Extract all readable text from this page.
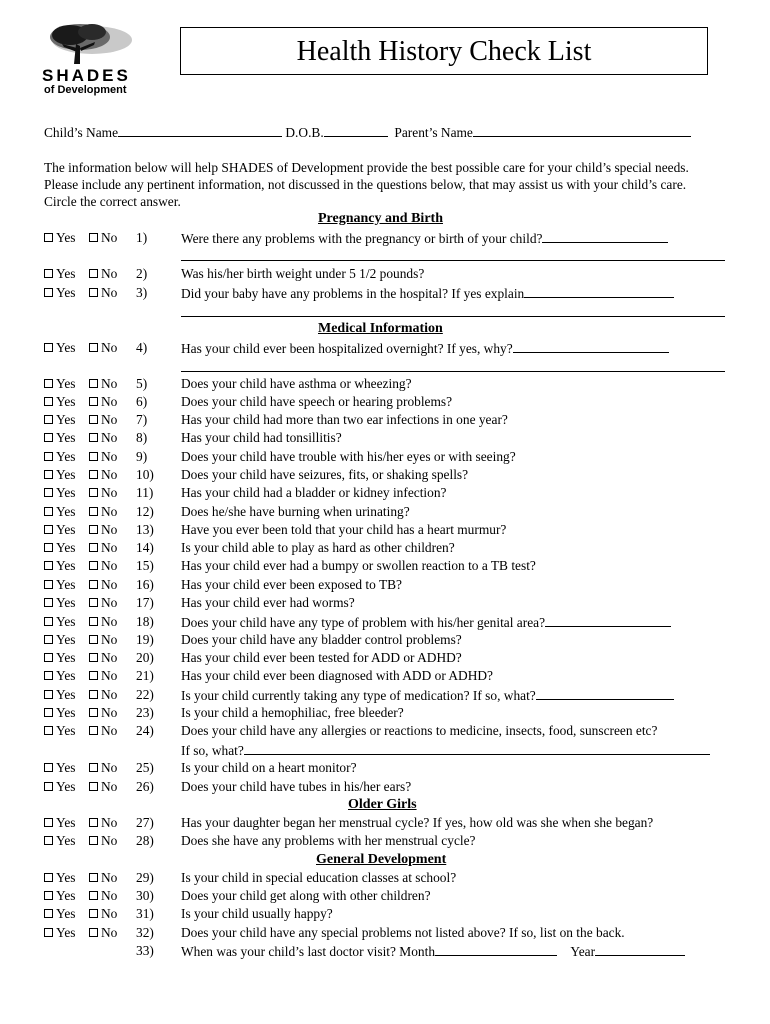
SHADES
of Development
Health History Check List
Child’s Name	D.O.B.	Parent’s Name
The information below will help SHADES of Development provide the best possible care for your child’s special needs.
Please include any pertinent information, not discussed in the questions below, that may assist us with your child’s care.
Circle the correct answer.
Pregnancy and Birth
Medical Information
Older Girls
General Development
If so, what?
Yes No 1)	Were there any problems with the pregnancy or birth of your child?
Yes No 2)	Was his/her birth weight under 5 1/2 pounds?
Yes No 3)	Did your baby have any problems in the hospital? If yes explain
Yes No 4)	Has your child ever been hospitalized overnight? If yes, why?
Yes No 5)	Does your child have asthma or wheezing?
Yes No 6)	Does your child have speech or hearing problems?
Yes No 7)	Has your child had more than two ear infections in one year?
Yes No 8)	Has your child had tonsillitis?
Yes No 9)	Does your child have trouble with his/her eyes or with seeing?
Yes No 10) Does your child have seizures, fits, or shaking spells?
Yes No 11) Has your child had a bladder or kidney infection?
Yes No 12) Does he/she have burning when urinating?
Yes No 13) Have you ever been told that your child has a heart murmur?
Yes No 14) Is your child able to play as hard as other children?
Yes No 15) Has your child ever had a bumpy or swollen reaction to a TB test?
Yes No 16) Has your child ever been exposed to TB?
Yes No 17) Has your child ever had worms?
Yes No 18) Does your child have any type of problem with his/her genital area?
Yes No 19) Does your child have any bladder control problems?
Yes No 20) Has your child ever been tested for ADD or ADHD?
Yes No 21) Has your child ever been diagnosed with ADD or ADHD?
Yes No 22) Is your child currently taking any type of medication? If so, what?
Yes No 23) Is your child a hemophiliac, free bleeder?
Yes No 24) Does your child have any allergies or reactions to medicine, insects, food, sunscreen etc?
Yes No 25) Is your child on a heart monitor?
Yes No 26) Does your child have tubes in his/her ears?
Yes No 27) Has your daughter began her menstrual cycle? If yes, how old was she when she began?
Yes No 28) Does she have any problems with her menstrual cycle?
Yes No 29) Is your child in special education classes at school?
Yes No 30) Does your child get along with other children?
Yes No 31) Is your child usually happy?
Yes No 32) Does your child have any special problems not listed above? If so, list on the back.
33) When was your child’s last doctor visit? Month	Year
